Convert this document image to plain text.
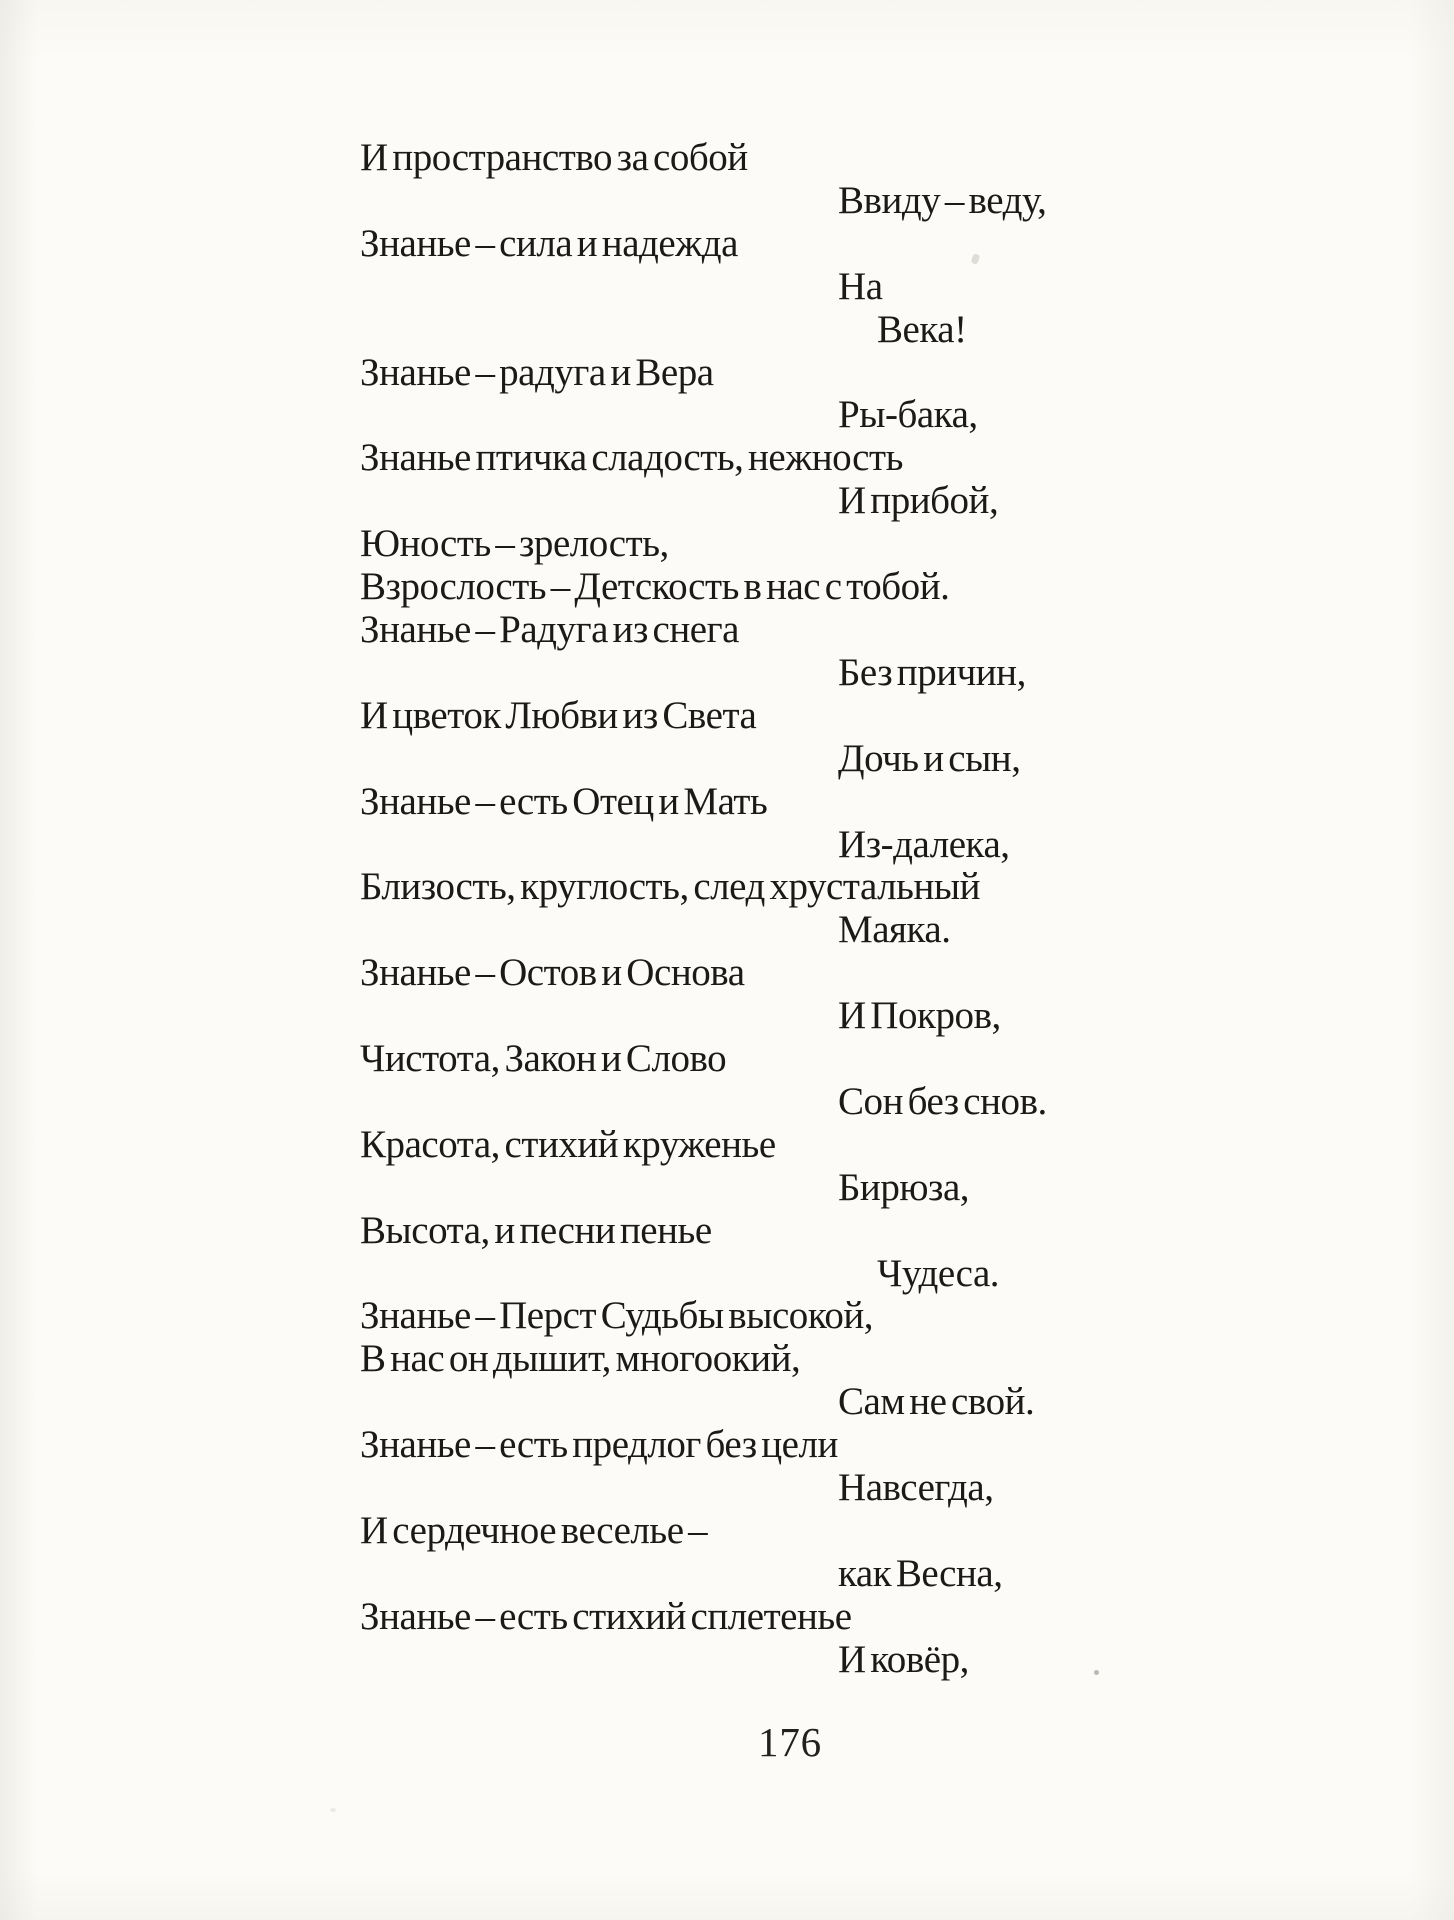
И пространство за собой
Ввиду – веду,
Знанье – сила и надежда
На
Века!
Знанье – радуга и Вера
Ры-бака,
Знанье птичка сладость, нежность
И прибой,
Юность – зрелость,
Взрослость – Детскость в нас с тобой.
Знанье – Радуга из снега
Без причин,
И цветок Любви из Света
Дочь и сын,
Знанье – есть Отец и Мать
Из-далека,
Близость, круглость, след хрустальный
Маяка.
Знанье – Остов и Основа
И Покров,
Чистота, Закон и Слово
Сон без снов.
Красота, стихий круженье
Бирюза,
Высота, и песни пенье
Чудеса.
Знанье – Перст Судьбы высокой,
В нас он дышит, многоокий,
Сам не свой.
Знанье – есть предлог без цели
Навсегда,
И сердечное веселье –
как Весна,
Знанье – есть стихий сплетенье
И ковёр,
176
